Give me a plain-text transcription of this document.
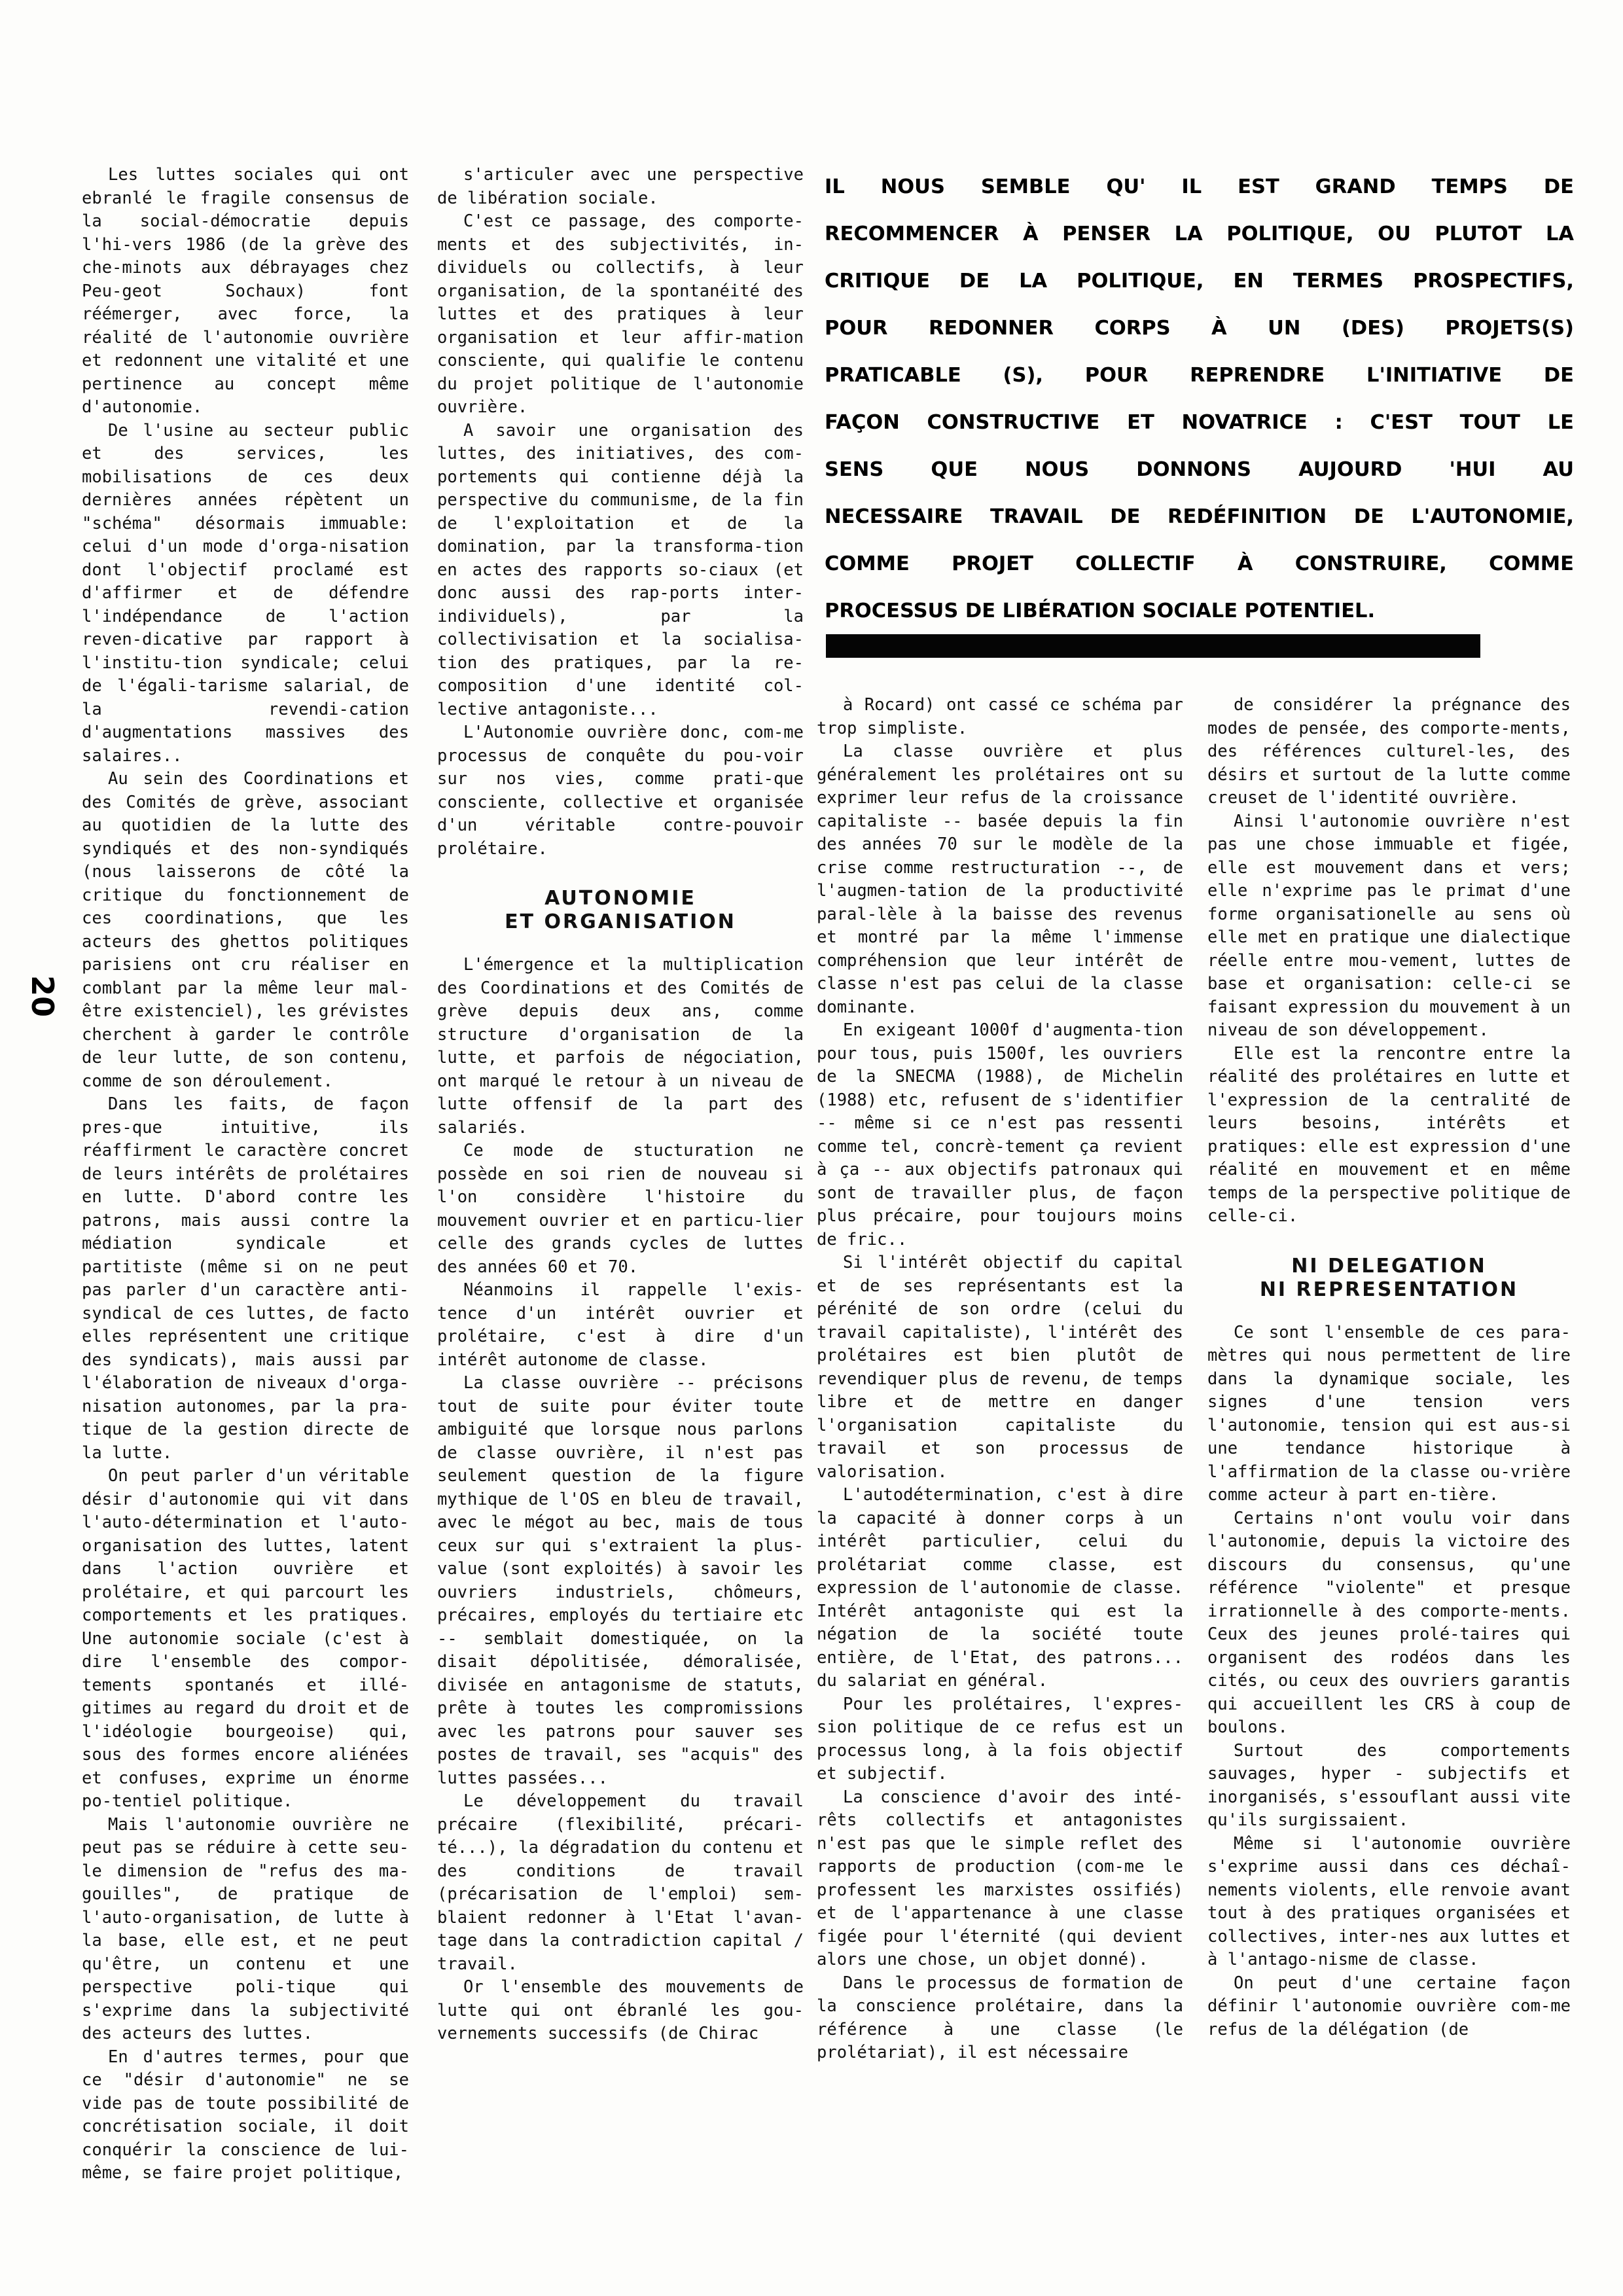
20
IL NOUS SEMBLE QU' IL EST GRAND TEMPS DE
RECOMMENCER À PENSER LA POLITIQUE, OU PLUTOT LA
CRITIQUE DE LA POLITIQUE, EN TERMES PROSPECTIFS,
POUR REDONNER CORPS À UN (DES) PROJETS(S)
PRATICABLE (S), POUR REPRENDRE L'INITIATIVE DE
FAÇON CONSTRUCTIVE ET NOVATRICE : C'EST TOUT LE
SENS QUE NOUS DONNONS AUJOURD 'HUI AU
NECESSAIRE TRAVAIL DE REDÉFINITION DE L'AUTONOMIE,
COMME PROJET COLLECTIF À CONSTRUIRE, COMME
PROCESSUS DE LIBÉRATION SOCIALE POTENTIEL.

Les luttes sociales qui ont ebranlé le fragile consensus de la social-démocratie depuis l'hi-vers 1986 (de la grève des che-minots aux débrayages chez Peu-geot Sochaux) font réémerger, avec force, la réalité de l'autonomie ouvrière et redonnent une vitalité et une pertinence au concept même d'autonomie.

De l'usine au secteur public et des services, les mobilisations de ces deux dernières années répètent un "schéma" désormais immuable: celui d'un mode d'orga-nisation dont l'objectif proclamé est d'affirmer et de défendre l'indépendance de l'action reven-dicative par rapport à l'institu-tion syndicale; celui de l'égali-tarisme salarial, de la revendi-cation d'augmentations massives des salaires..

Au sein des Coordinations et des Comités de grève, associant au quotidien de la lutte des syndiqués et des non-syndiqués (nous laisserons de côté la critique du fonctionnement de ces coordinations, que les acteurs des ghettos politiques parisiens ont cru réaliser en comblant par la même leur mal-être existenciel), les grévistes cherchent à garder le contrôle de leur lutte, de son contenu, comme de son déroulement.

Dans les faits, de façon pres-que intuitive, ils réaffirment le caractère concret de leurs intérêts de prolétaires en lutte. D'abord contre les patrons, mais aussi contre la médiation syndicale et partitiste (même si on ne peut pas parler d'un caractère anti-syndical de ces luttes, de facto elles représentent une critique des syndicats), mais aussi par l'élaboration de niveaux d'orga-nisation autonomes, par la pra-tique de la gestion directe de la lutte.

On peut parler d'un véritable désir d'autonomie qui vit dans l'auto-détermination et l'auto-organisation des luttes, latent dans l'action ouvrière et prolétaire, et qui parcourt les comportements et les pratiques. Une autonomie sociale (c'est à dire l'ensemble des compor-tements spontanés et illé-gitimes au regard du droit et de l'idéologie bourgeoise) qui, sous des formes encore aliénées et confuses, exprime un énorme po-tentiel politique.

Mais l'autonomie ouvrière ne peut pas se réduire à cette seu-le dimension de "refus des ma-gouilles", de pratique de l'auto-organisation, de lutte à la base, elle est, et ne peut qu'être, un contenu et une perspective poli-tique qui s'exprime dans la subjectivité des acteurs des luttes.

En d'autres termes, pour que ce "désir d'autonomie" ne se vide pas de toute possibilité de concrétisation sociale, il doit conquérir la conscience de lui-même, se faire projet politique,

s'articuler avec une perspective de libération sociale.

C'est ce passage, des comporte-ments et des subjectivités, in-dividuels ou collectifs, à leur organisation, de la spontanéité des luttes et des pratiques à leur organisation et leur affir-mation consciente, qui qualifie le contenu du projet politique de l'autonomie ouvrière.

A savoir une organisation des luttes, des initiatives, des com-portements qui contienne déjà la perspective du communisme, de la fin de l'exploitation et de la domination, par la transforma-tion en actes des rapports so-ciaux (et donc aussi des rap-ports inter-individuels), par la collectivisation et la socialisa-tion des pratiques, par la re-composition d'une identité col-lective antagoniste...

L'Autonomie ouvrière donc, com-me processus de conquête du pou-voir sur nos vies, comme prati-que consciente, collective et organisée d'un véritable contre-pouvoir prolétaire.

AUTONOMIE
ET ORGANISATION

L'émergence et la multiplication des Coordinations et des Comités de grève depuis deux ans, comme structure d'organisation de la lutte, et parfois de négociation, ont marqué le retour à un niveau de lutte offensif de la part des salariés.

Ce mode de stucturation ne possède en soi rien de nouveau si l'on considère l'histoire du mouvement ouvrier et en particu-lier celle des grands cycles de luttes des années 60 et 70.

Néanmoins il rappelle l'exis-tence d'un intérêt ouvrier et prolétaire, c'est à dire d'un intérêt autonome de classe.

La classe ouvrière -- précisons tout de suite pour éviter toute ambiguité que lorsque nous parlons de classe ouvrière, il n'est pas seulement question de la figure mythique de l'OS en bleu de travail, avec le mégot au bec, mais de tous ceux sur qui s'extraient la plus-value (sont exploités) à savoir les ouvriers industriels, chômeurs, précaires, employés du tertiaire etc -- semblait domestiquée, on la disait dépolitisée, démoralisée, divisée en antagonisme de statuts, prête à toutes les compromissions avec les patrons pour sauver ses postes de travail, ses "acquis" des luttes passées...

Le développement du travail précaire (flexibilité, précari-té...), la dégradation du contenu et des conditions de travail (précarisation de l'emploi) sem-blaient redonner à l'Etat l'avan-tage dans la contradiction capital / travail.

Or l'ensemble des mouvements de lutte qui ont ébranlé les gou-vernements successifs (de Chirac

à Rocard) ont cassé ce schéma par trop simpliste.

La classe ouvrière et plus généralement les prolétaires ont su exprimer leur refus de la croissance capitaliste -- basée depuis la fin des années 70 sur le modèle de la crise comme restructuration --, de l'augmen-tation de la productivité paral-lèle à la baisse des revenus et montré par la même l'immense compréhension que leur intérêt de classe n'est pas celui de la classe dominante.

En exigeant 1000f d'augmenta-tion pour tous, puis 1500f, les ouvriers de la SNECMA (1988), de Michelin (1988) etc, refusent de s'identifier -- même si ce n'est pas ressenti comme tel, concrè-tement ça revient à ça -- aux objectifs patronaux qui sont de travailler plus, de façon plus précaire, pour toujours moins de fric..

Si l'intérêt objectif du capital et de ses représentants est la pérénité de son ordre (celui du travail capitaliste), l'intérêt des prolétaires est bien plutôt de revendiquer plus de revenu, de temps libre et de mettre en danger l'organisation capitaliste du travail et son processus de valorisation.

L'autodétermination, c'est à dire la capacité à donner corps à un intérêt particulier, celui du prolétariat comme classe, est expression de l'autonomie de classe. Intérêt antagoniste qui est la négation de la société toute entière, de l'Etat, des patrons... du salariat en général.

Pour les prolétaires, l'expres-sion politique de ce refus est un processus long, à la fois objectif et subjectif.

La conscience d'avoir des inté-rêts collectifs et antagonistes n'est pas que le simple reflet des rapports de production (com-me le professent les marxistes ossifiés) et de l'appartenance à une classe figée pour l'éternité (qui devient alors une chose, un objet donné).

Dans le processus de formation de la conscience prolétaire, dans la référence à une classe (le prolétariat), il est nécessaire

de considérer la prégnance des modes de pensée, des comporte-ments, des références culturel-les, des désirs et surtout de la lutte comme creuset de l'identité ouvrière.

Ainsi l'autonomie ouvrière n'est pas une chose immuable et figée, elle est mouvement dans et vers; elle n'exprime pas le primat d'une forme organisationelle au sens où elle met en pratique une dialectique réelle entre mou-vement, luttes de base et organisation: celle-ci se faisant expression du mouvement à un niveau de son développement.

Elle est la rencontre entre la réalité des prolétaires en lutte et l'expression de la centralité de leurs besoins, intérêts et pratiques: elle est expression d'une réalité en mouvement et en même temps de la perspective politique de celle-ci.

NI DELEGATION
NI REPRESENTATION

Ce sont l'ensemble de ces para-mètres qui nous permettent de lire dans la dynamique sociale, les signes d'une tension vers l'autonomie, tension qui est aus-si une tendance historique à l'affirmation de la classe ou-vrière comme acteur à part en-tière.

Certains n'ont voulu voir dans l'autonomie, depuis la victoire des discours du consensus, qu'une référence "violente" et presque irrationnelle à des comporte-ments. Ceux des jeunes prolé-taires qui organisent des rodéos dans les cités, ou ceux des ouvriers garantis qui accueillent les CRS à coup de boulons.

Surtout des comportements sauvages, hyper - subjectifs et inorganisés, s'essouflant aussi vite qu'ils surgissaient.

Même si l'autonomie ouvrière s'exprime aussi dans ces déchaî-nements violents, elle renvoie avant tout à des pratiques organisées et collectives, inter-nes aux luttes et à l'antago-nisme de classe.

On peut d'une certaine façon définir l'autonomie ouvrière com-me refus de la délégation (de
